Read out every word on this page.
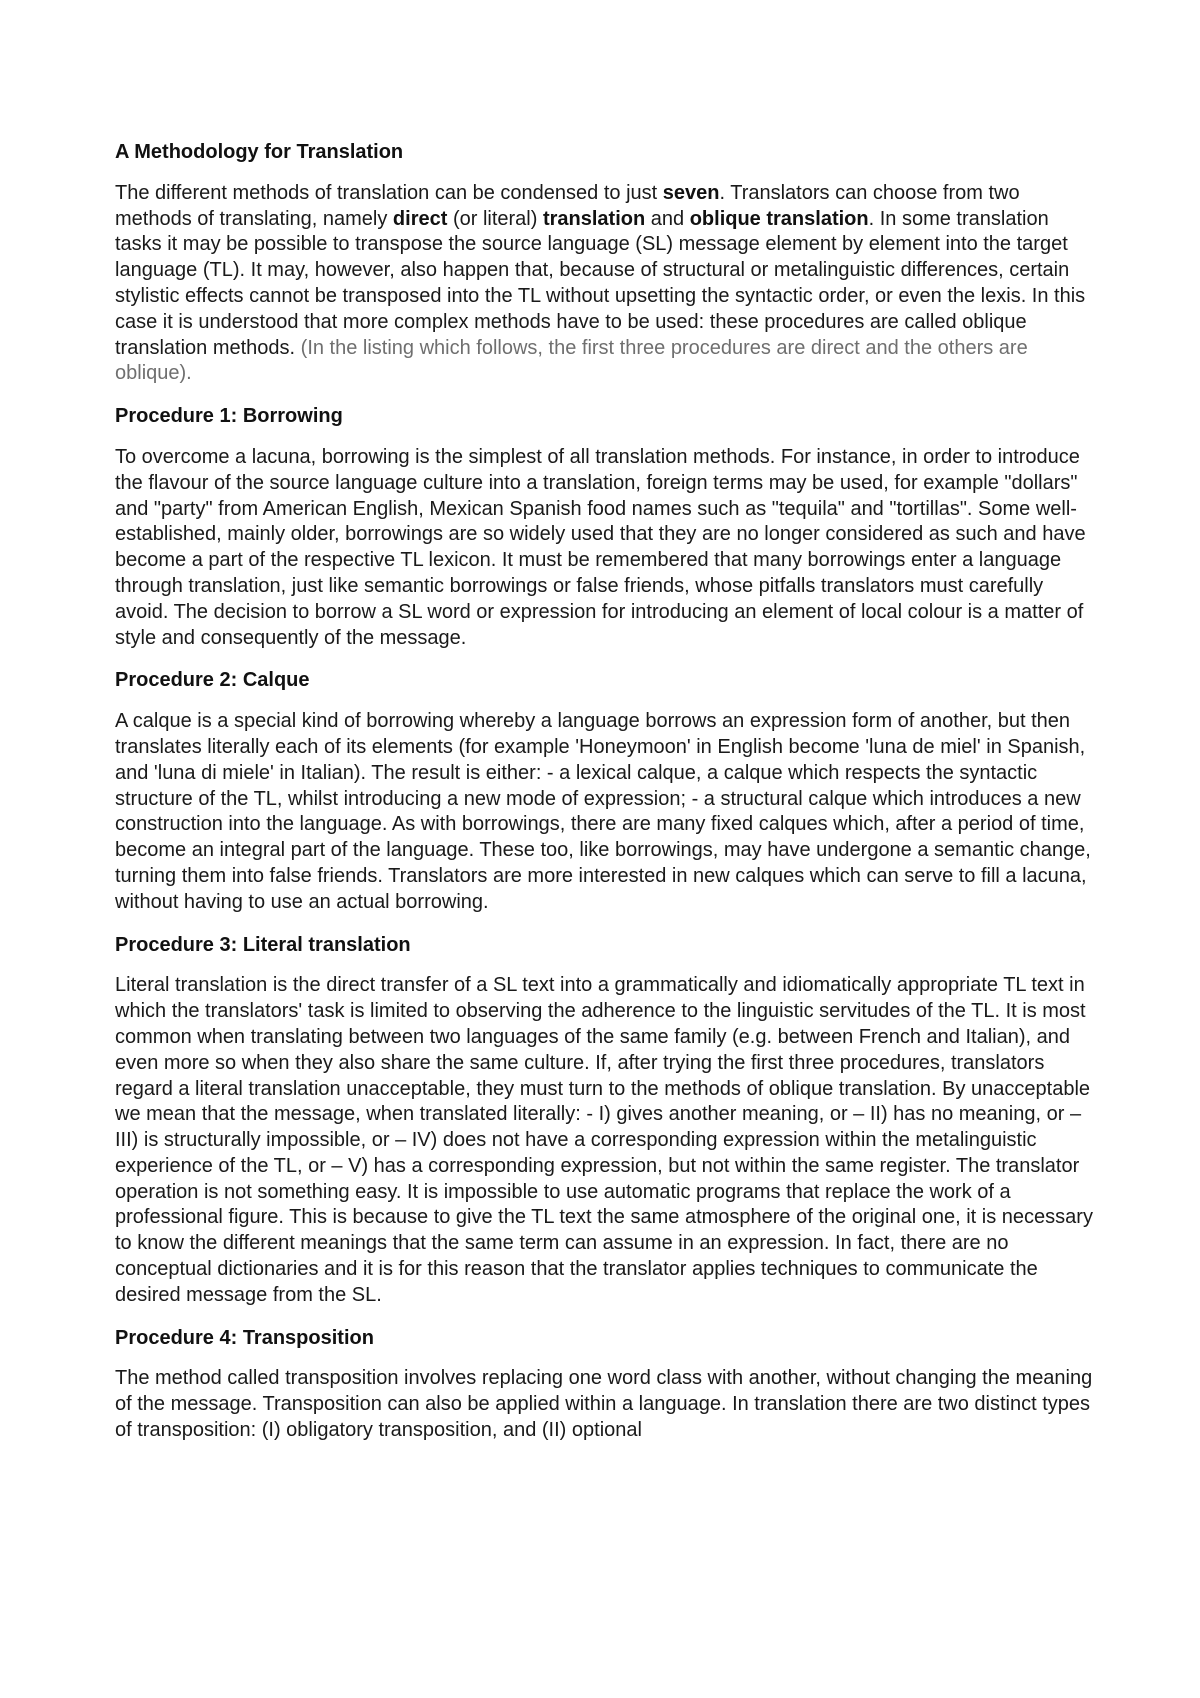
A Methodology for Translation

The different methods of translation can be condensed to just seven. Translators can choose from two methods of translating, namely direct (or literal) translation and oblique translation. In some translation tasks it may be possible to transpose the source language (SL) message element by element into the target language (TL). It may, however, also happen that, because of structural or metalinguistic differences, certain stylistic effects cannot be transposed into the TL without upsetting the syntactic order, or even the lexis. In this case it is understood that more complex methods have to be used: these procedures are called oblique translation methods. (In the listing which follows, the first three procedures are direct and the others are oblique).

Procedure 1: Borrowing

To overcome a lacuna, borrowing is the simplest of all translation methods. For instance, in order to introduce the flavour of the source language culture into a translation, foreign terms may be used, for example "dollars" and "party" from American English, Mexican Spanish food names such as "tequila" and "tortillas". Some well-established, mainly older, borrowings are so widely used that they are no longer considered as such and have become a part of the respective TL lexicon. It must be remembered that many borrowings enter a language through translation, just like semantic borrowings or false friends, whose pitfalls translators must carefully avoid. The decision to borrow a SL word or expression for introducing an element of local colour is a matter of style and consequently of the message.

Procedure 2: Calque

A calque is a special kind of borrowing whereby a language borrows an expression form of another, but then translates literally each of its elements (for example 'Honeymoon' in English become 'luna de miel' in Spanish, and 'luna di miele' in Italian). The result is either: - a lexical calque, a calque which respects the syntactic structure of the TL, whilst introducing a new mode of expression; - a structural calque which introduces a new construction into the language. As with borrowings, there are many fixed calques which, after a period of time, become an integral part of the language. These too, like borrowings, may have undergone a semantic change, turning them into false friends. Translators are more interested in new calques which can serve to fill a lacuna, without having to use an actual borrowing.

Procedure 3: Literal translation

Literal translation is the direct transfer of a SL text into a grammatically and idiomatically appropriate TL text in which the translators' task is limited to observing the adherence to the linguistic servitudes of the TL. It is most common when translating between two languages of the same family (e.g. between French and Italian), and even more so when they also share the same culture. If, after trying the first three procedures, translators regard a literal translation unacceptable, they must turn to the methods of oblique translation. By unacceptable we mean that the message, when translated literally: - I) gives another meaning, or – II) has no meaning, or – III) is structurally impossible, or – IV) does not have a corresponding expression within the metalinguistic experience of the TL, or – V) has a corresponding expression, but not within the same register. The translator operation is not something easy. It is impossible to use automatic programs that replace the work of a professional figure. This is because to give the TL text the same atmosphere of the original one, it is necessary to know the different meanings that the same term can assume in an expression. In fact, there are no conceptual dictionaries and it is for this reason that the translator applies techniques to communicate the desired message from the SL.

Procedure 4: Transposition

The method called transposition involves replacing one word class with another, without changing the meaning of the message. Transposition can also be applied within a language. In translation there are two distinct types of transposition: (I) obligatory transposition, and (II) optional
